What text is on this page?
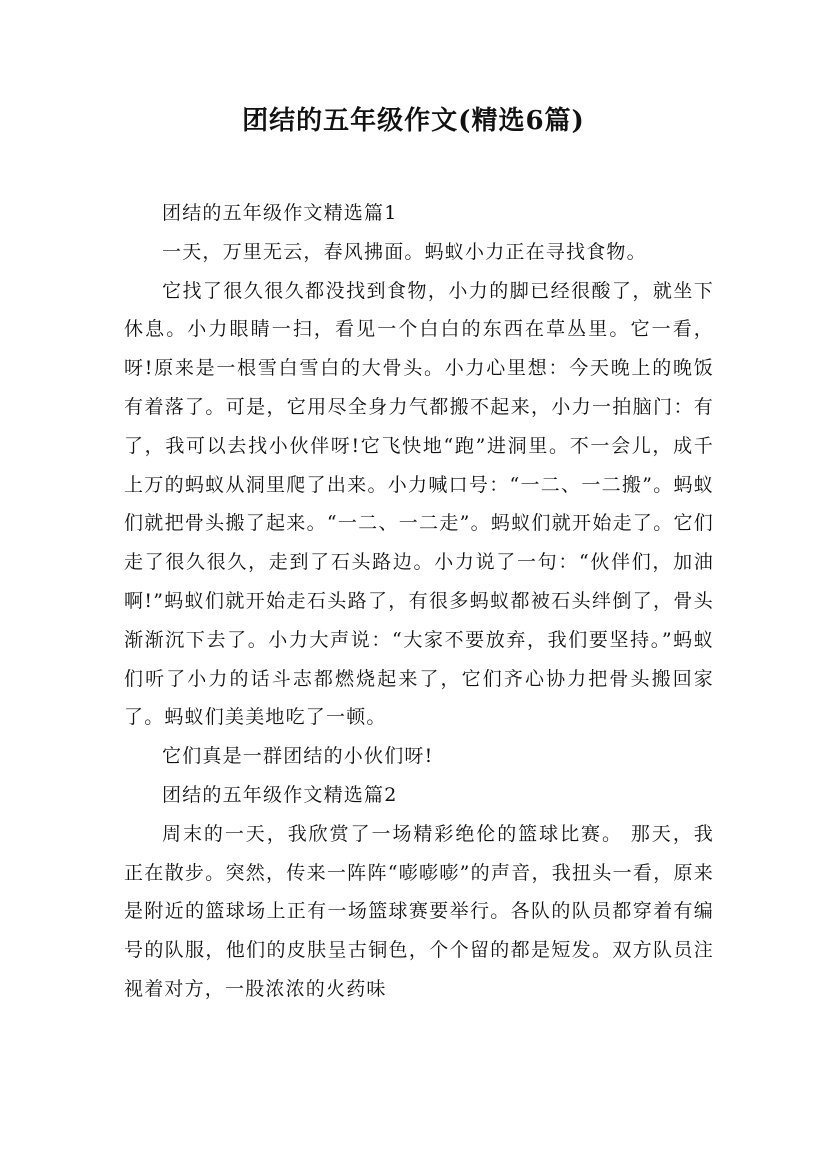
团结的五年级作文(精选6篇)

团结的五年级作文精选篇1

一天，万里无云，春风拂面。蚂蚁小力正在寻找食物。

它找了很久很久都没找到食物，小力的脚已经很酸了，就坐下休息。小力眼睛一扫，看见一个白白的东西在草丛里。它一看，呀!原来是一根雪白雪白的大骨头。小力心里想：今天晚上的晚饭有着落了。可是，它用尽全身力气都搬不起来，小力一拍脑门：有了，我可以去找小伙伴呀!它飞快地“跑”进洞里。不一会儿，成千上万的蚂蚁从洞里爬了出来。小力喊口号：“一二、一二搬”。蚂蚁们就把骨头搬了起来。“一二、一二走”。蚂蚁们就开始走了。它们走了很久很久，走到了石头路边。小力说了一句：“伙伴们，加油啊!”蚂蚁们就开始走石头路了，有很多蚂蚁都被石头绊倒了，骨头渐渐沉下去了。小力大声说：“大家不要放弃，我们要坚持。”蚂蚁们听了小力的话斗志都燃烧起来了，它们齐心协力把骨头搬回家了。蚂蚁们美美地吃了一顿。

它们真是一群团结的小伙们呀!

团结的五年级作文精选篇2

周末的一天，我欣赏了一场精彩绝伦的篮球比赛。 那天，我正在散步。突然，传来一阵阵“嘭嘭嘭”的声音，我扭头一看，原来是附近的篮球场上正有一场篮球赛要举行。各队的队员都穿着有编号的队服，他们的皮肤呈古铜色，个个留的都是短发。双方队员注视着对方，一股浓浓的火药味
